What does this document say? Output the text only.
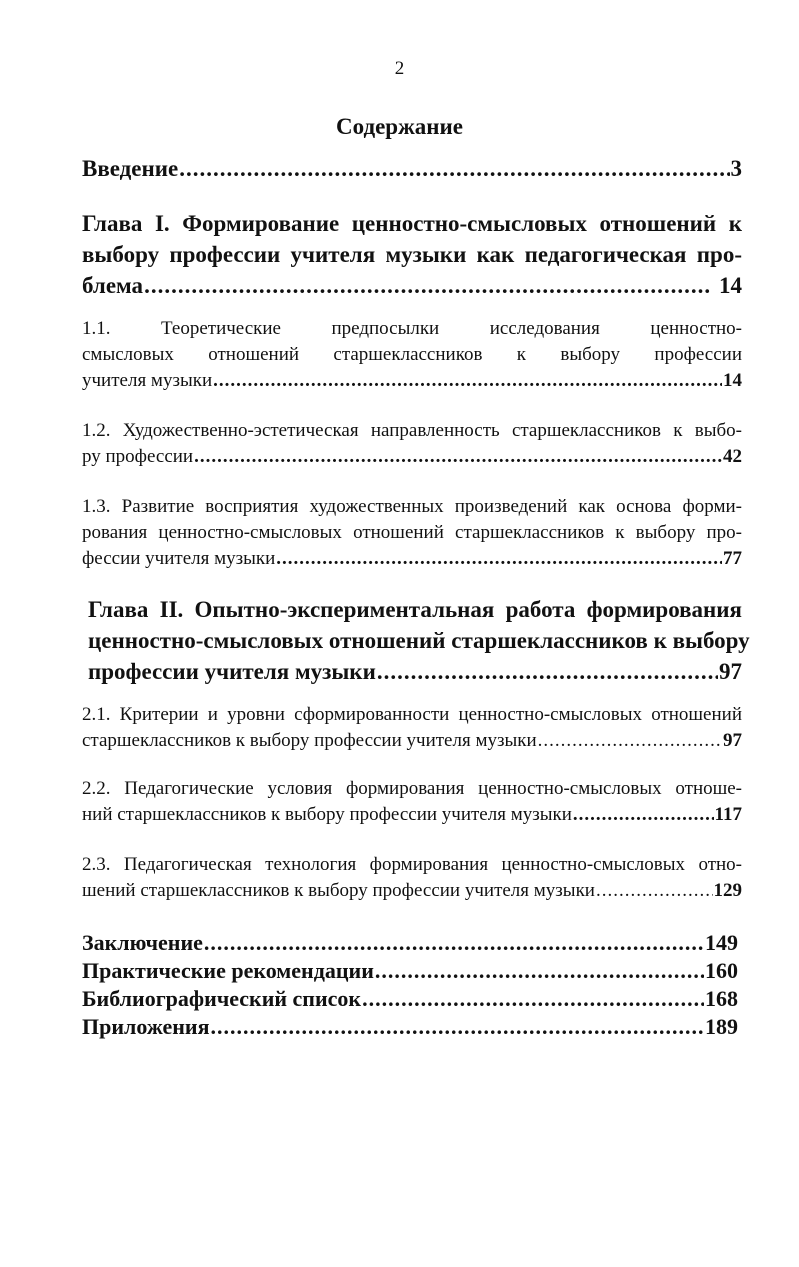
2
Содержание
Введение .....	3
Глава I. Формирование ценностно-смысловых отношений к
выбору профессии учителя музыки как педагогическая про-
блема .....	14
1.1. Теоретические предпосылки исследования ценностно-
смысловых отношений старшеклассников к выбору профессии
учителя музыки .....	14
1.2. Художественно-эстетическая направленность старшеклассников к выбо-
ру профессии .....	42
1.3. Развитие восприятия художественных произведений как основа форми-
рования ценностно-смысловых отношений старшеклассников к выбору про-
фессии учителя музыки .....	77
Глава II. Опытно-экспериментальная работа формирования
ценностно-смысловых отношений старшеклассников к выбору
профессии учителя музыки .....	97
2.1. Критерии и уровни сформированности ценностно-смысловых отношений
старшеклассников к выбору профессии учителя музыки .....	97
2.2. Педагогические условия формирования ценностно-смысловых отноше-
ний старшеклассников к выбору профессии учителя музыки .....	117
2.3. Педагогическая технология формирования ценностно-смысловых отно-
шений старшеклассников к выбору профессии учителя музыки .....	129
Заключение .....	149
Практические рекомендации .....	160
Библиографический список .....	168
Приложения .....	189
